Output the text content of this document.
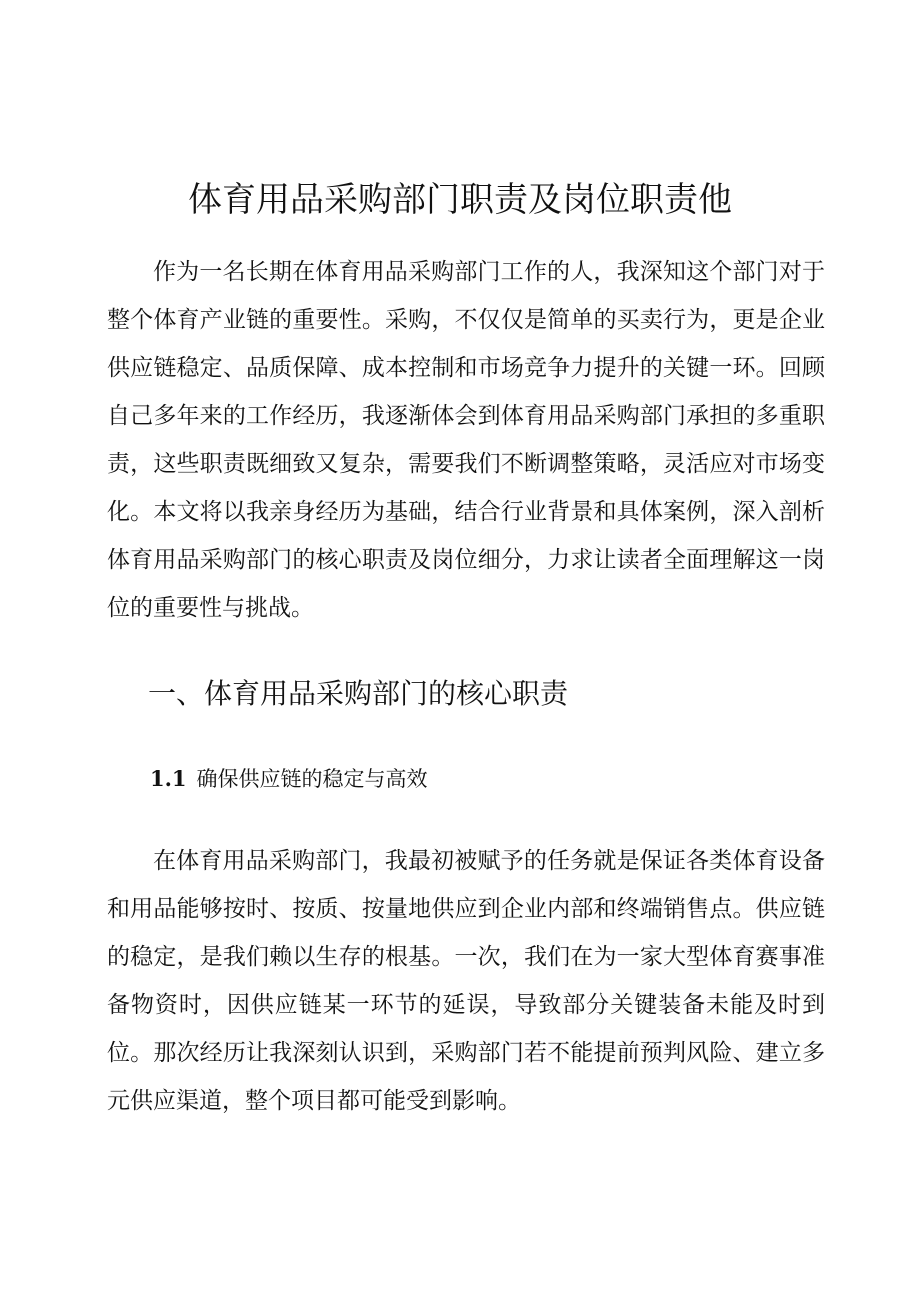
体育用品采购部门职责及岗位职责他

作为一名长期在体育用品采购部门工作的人，我深知这个部门对于整个体育产业链的重要性。采购，不仅仅是简单的买卖行为，更是企业供应链稳定、品质保障、成本控制和市场竞争力提升的关键一环。回顾自己多年来的工作经历，我逐渐体会到体育用品采购部门承担的多重职责，这些职责既细致又复杂，需要我们不断调整策略，灵活应对市场变化。本文将以我亲身经历为基础，结合行业背景和具体案例，深入剖析体育用品采购部门的核心职责及岗位细分，力求让读者全面理解这一岗位的重要性与挑战。

一、体育用品采购部门的核心职责
1.1 确保供应链的稳定与高效

在体育用品采购部门，我最初被赋予的任务就是保证各类体育设备和用品能够按时、按质、按量地供应到企业内部和终端销售点。供应链的稳定，是我们赖以生存的根基。一次，我们在为一家大型体育赛事准备物资时，因供应链某一环节的延误，导致部分关键装备未能及时到位。那次经历让我深刻认识到，采购部门若不能提前预判风险、建立多元供应渠道，整个项目都可能受到影响。
